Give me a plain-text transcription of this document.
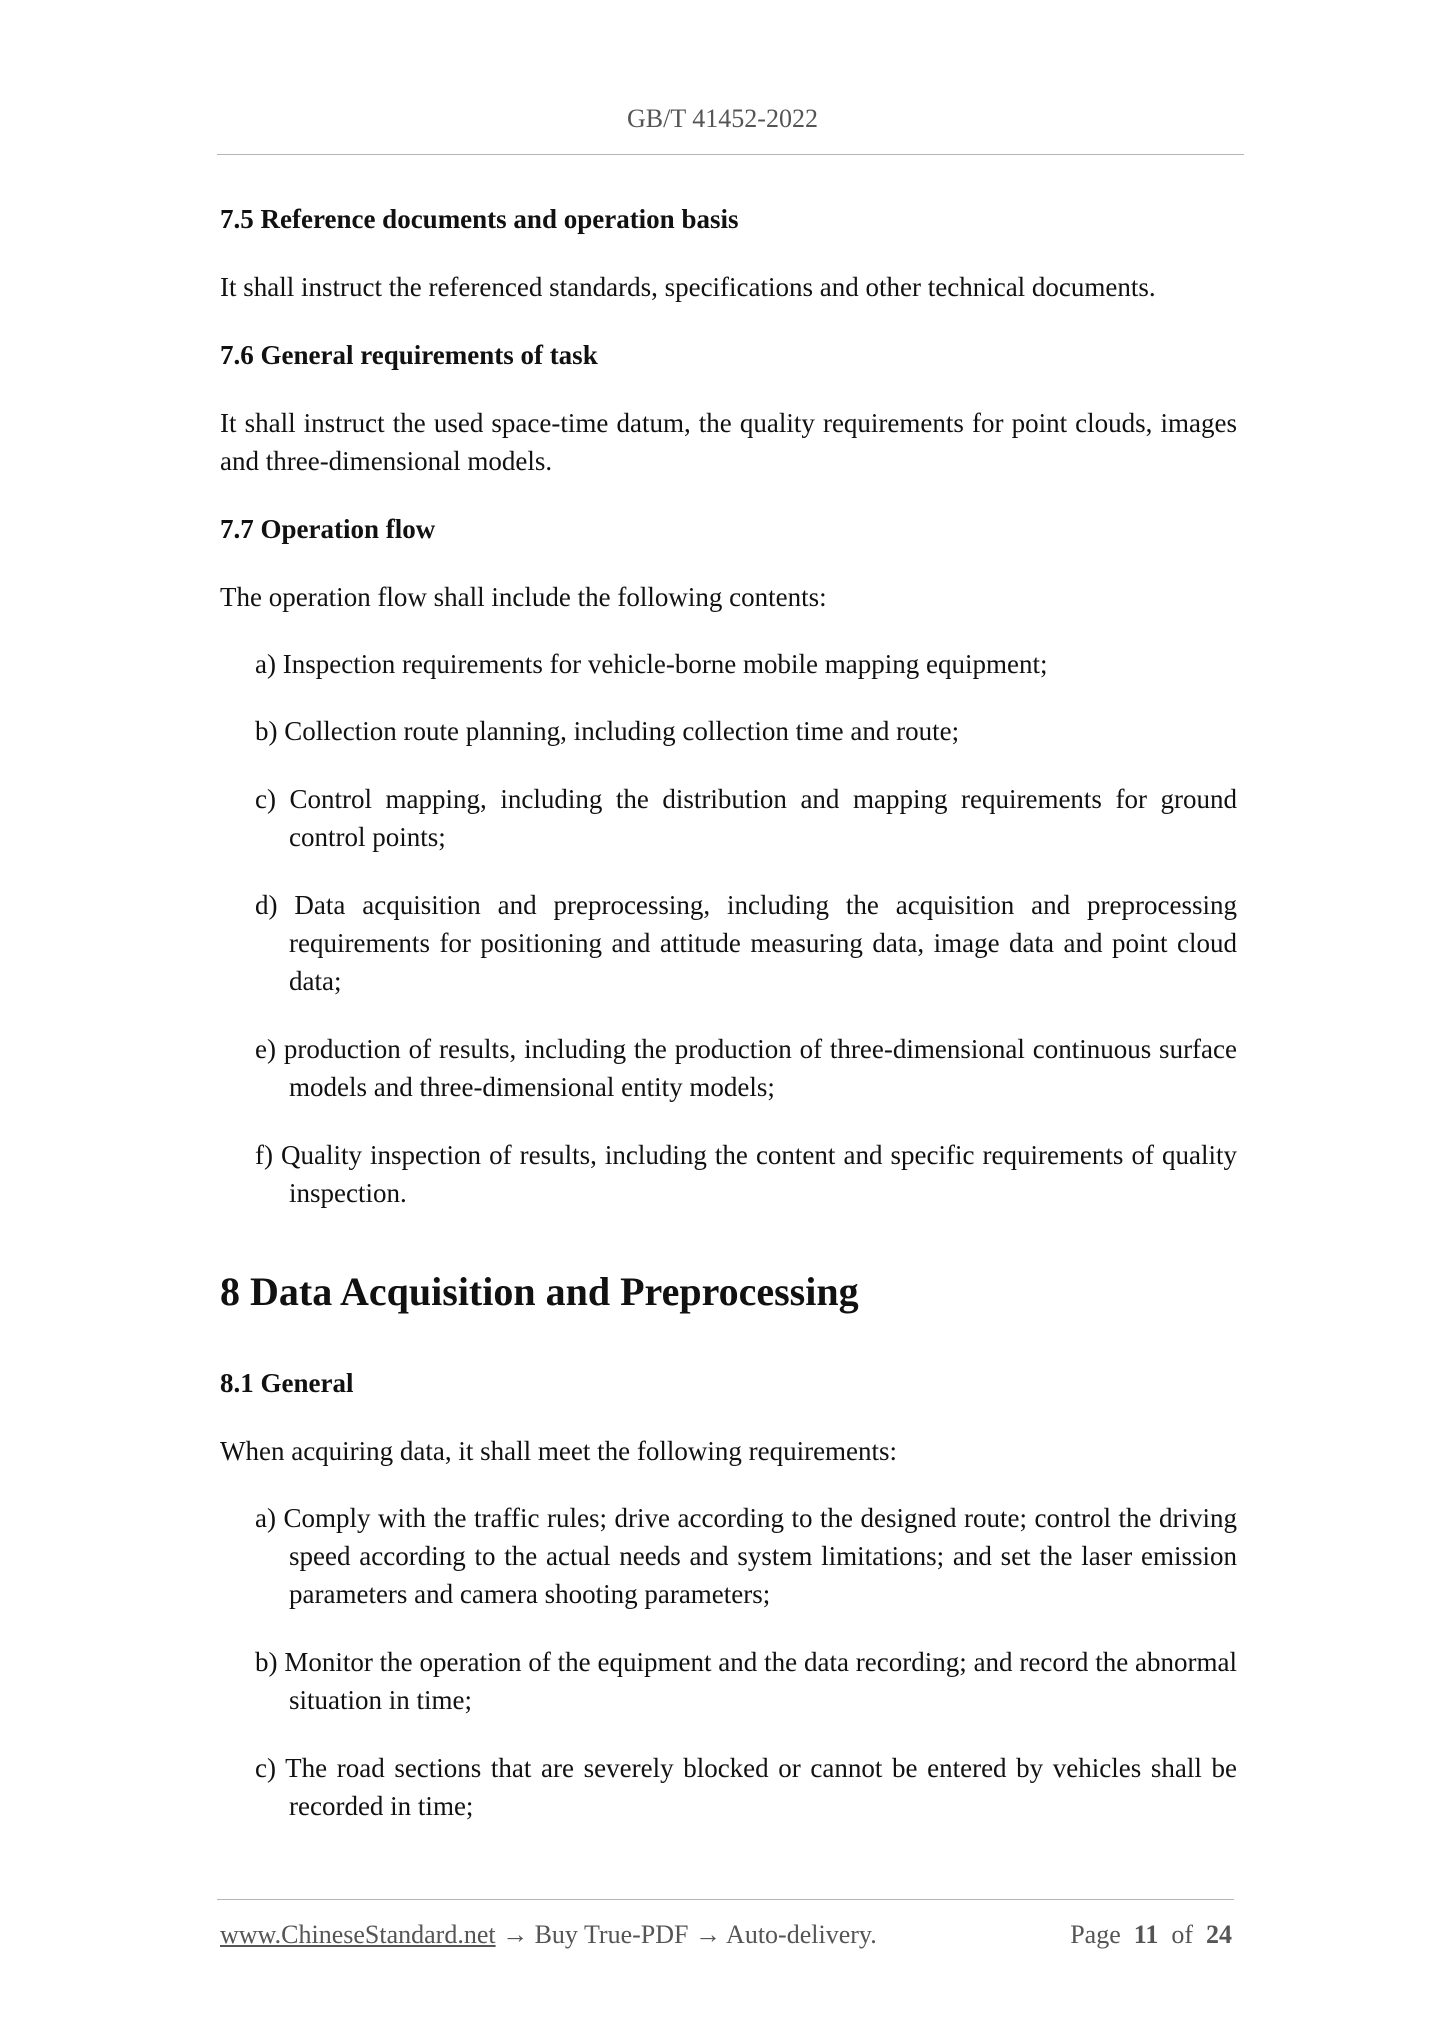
GB/T 41452-2022

7.5 Reference documents and operation basis

It shall instruct the referenced standards, specifications and other technical documents.

7.6 General requirements of task

It shall instruct the used space-time datum, the quality requirements for point clouds, images and three-dimensional models.

7.7 Operation flow

The operation flow shall include the following contents:

a) Inspection requirements for vehicle-borne mobile mapping equipment;

b) Collection route planning, including collection time and route;

c) Control mapping, including the distribution and mapping requirements for ground control points;

d) Data acquisition and preprocessing, including the acquisition and preprocessing requirements for positioning and attitude measuring data, image data and point cloud data;

e) production of results, including the production of three-dimensional continuous surface models and three-dimensional entity models;

f) Quality inspection of results, including the content and specific requirements of quality inspection.

8 Data Acquisition and Preprocessing

8.1 General

When acquiring data, it shall meet the following requirements:

a) Comply with the traffic rules; drive according to the designed route; control the driving speed according to the actual needs and system limitations; and set the laser emission parameters and camera shooting parameters;

b) Monitor the operation of the equipment and the data recording; and record the abnormal situation in time;

c) The road sections that are severely blocked or cannot be entered by vehicles shall be recorded in time;

www.ChineseStandard.net → Buy True-PDF → Auto-delivery.	Page 11 of 24
